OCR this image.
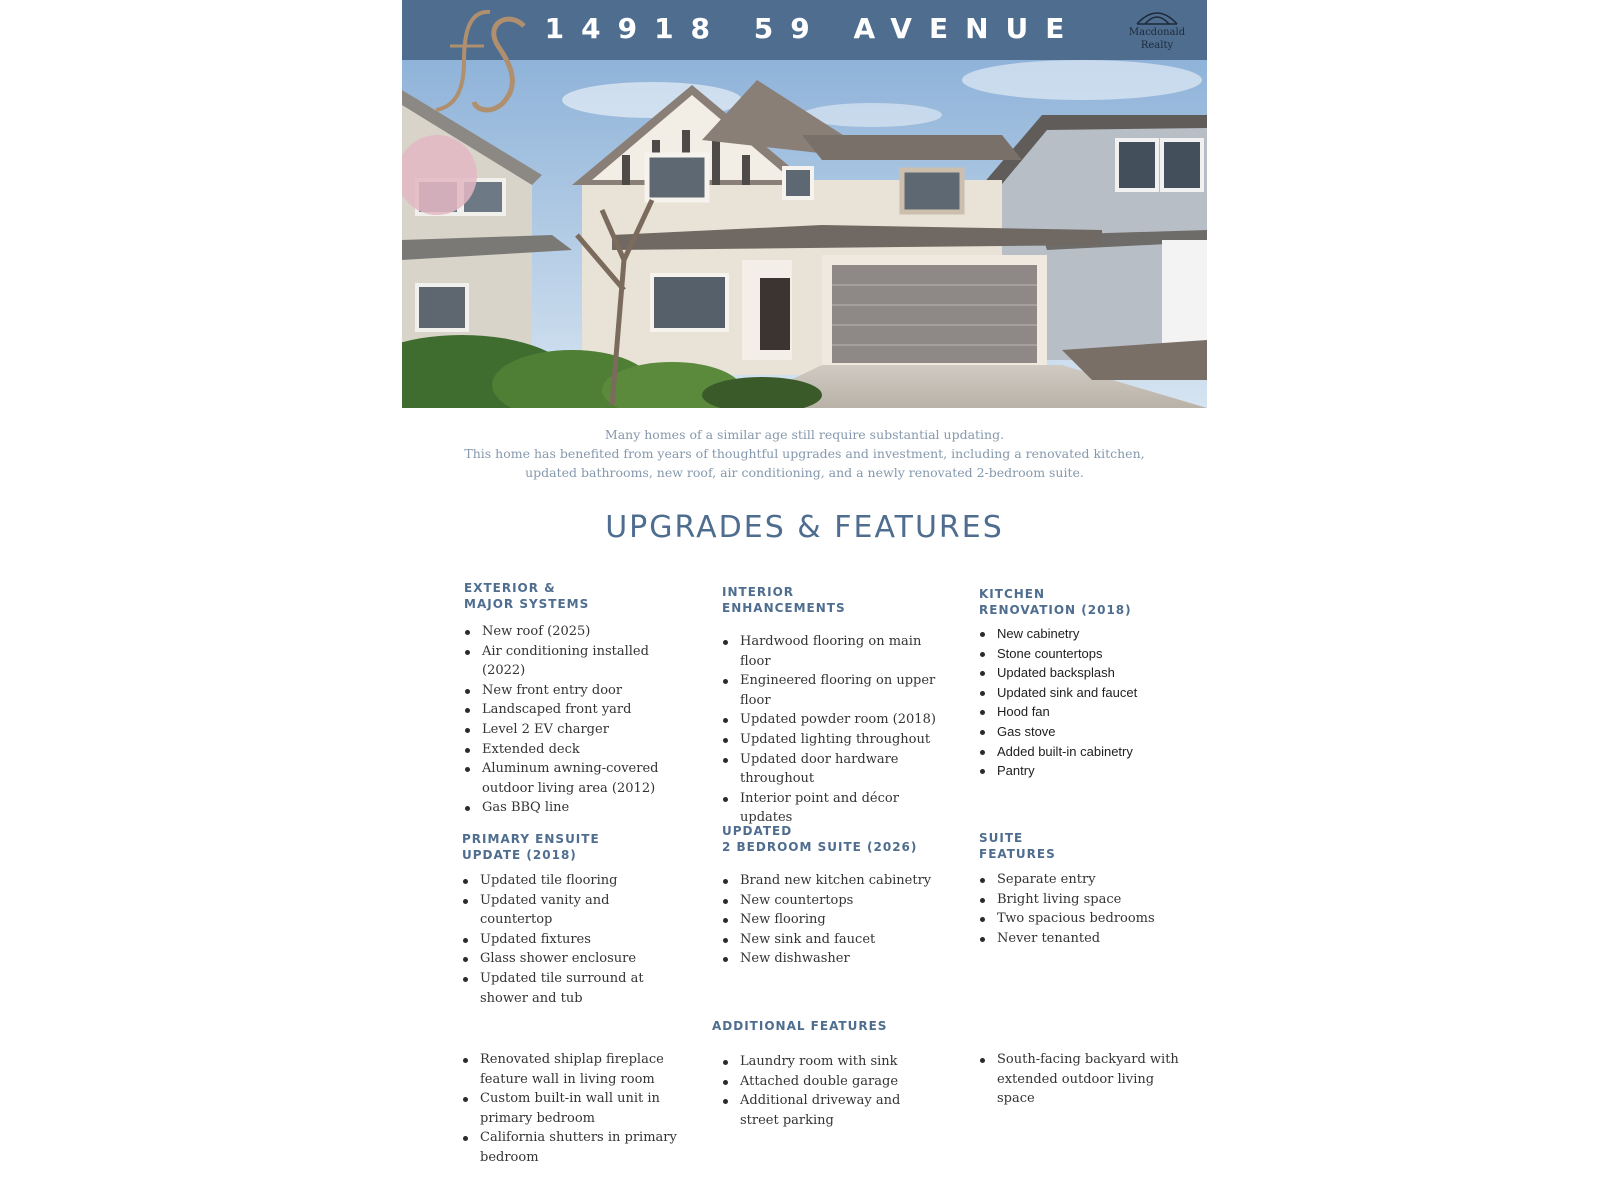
14918 59 AVENUE	Macdonald
Realty
Many homes of a similar age still require substantial updating.
This home has benefited from years of thoughtful upgrades and investment, including a renovated kitchen, updated bathrooms, new roof, air conditioning, and a newly renovated 2-bedroom suite.
UPGRADES & FEATURES
EXTERIOR &
MAJOR SYSTEMS
New roof (2025)
Air conditioning installed (2022)
New front entry door
Landscaped front yard
Level 2 EV charger
Extended deck
Aluminum awning-covered outdoor living area (2012)
Gas BBQ line
INTERIOR
ENHANCEMENTS
Hardwood flooring on main floor
Engineered flooring on upper floor
Updated powder room (2018)
Updated lighting throughout
Updated door hardware throughout
Interior point and décor updates
KITCHEN
RENOVATION (2018)
New cabinetry
Stone countertops
Updated backsplash
Updated sink and faucet
Hood fan
Gas stove
Added built-in cabinetry
Pantry
PRIMARY ENSUITE
UPDATE (2018)
Updated tile flooring
Updated vanity and countertop
Updated fixtures
Glass shower enclosure
Updated tile surround at shower and tub
UPDATED
2 BEDROOM SUITE (2026)
Brand new kitchen cabinetry
New countertops
New flooring
New sink and faucet
New dishwasher
SUITE
FEATURES
Separate entry
Bright living space
Two spacious bedrooms
Never tenanted
ADDITIONAL FEATURES
Renovated shiplap fireplace feature wall in living room
Custom built-in wall unit in primary bedroom
California shutters in primary bedroom
Laundry room with sink
Attached double garage
Additional driveway and street parking
South-facing backyard with extended outdoor living space
